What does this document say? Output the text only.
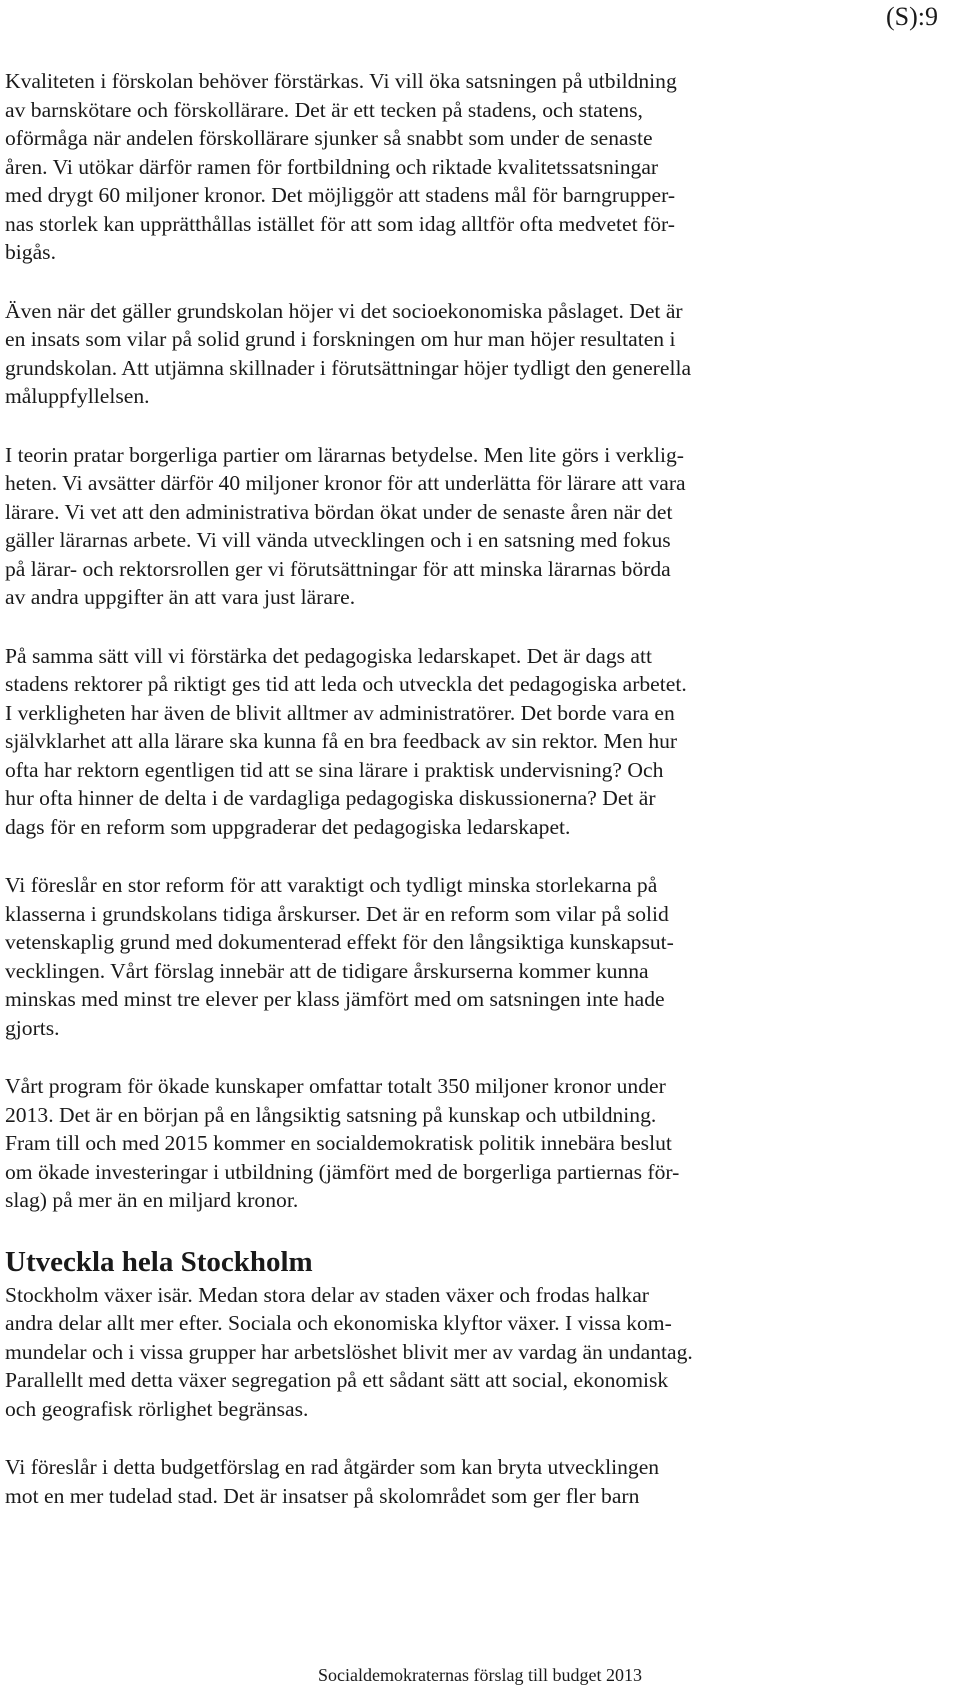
(S):9
Kvaliteten i förskolan behöver förstärkas. Vi vill öka satsningen på utbildning
av barnskötare och förskollärare. Det är ett tecken på stadens, och statens,
oförmåga när andelen förskollärare sjunker så snabbt som under de senaste
åren. Vi utökar därför ramen för fortbildning och riktade kvalitetssatsningar
med drygt 60 miljoner kronor. Det möjliggör att stadens mål för barngrupper-
nas storlek kan upprätthållas istället för att som idag alltför ofta medvetet för-
bigås.
Även när det gäller grundskolan höjer vi det socioekonomiska påslaget. Det är
en insats som vilar på solid grund i forskningen om hur man höjer resultaten i
grundskolan. Att utjämna skillnader i förutsättningar höjer tydligt den generella
måluppfyllelsen.
I teorin pratar borgerliga partier om lärarnas betydelse. Men lite görs i verklig-
heten. Vi avsätter därför 40 miljoner kronor för att underlätta för lärare att vara
lärare. Vi vet att den administrativa bördan ökat under de senaste åren när det
gäller lärarnas arbete. Vi vill vända utvecklingen och i en satsning med fokus
på lärar- och rektorsrollen ger vi förutsättningar för att minska lärarnas börda
av andra uppgifter än att vara just lärare.
På samma sätt vill vi förstärka det pedagogiska ledarskapet. Det är dags att
stadens rektorer på riktigt ges tid att leda och utveckla det pedagogiska arbetet.
I verkligheten har även de blivit alltmer av administratörer. Det borde vara en
självklarhet att alla lärare ska kunna få en bra feedback av sin rektor. Men hur
ofta har rektorn egentligen tid att se sina lärare i praktisk undervisning? Och
hur ofta hinner de delta i de vardagliga pedagogiska diskussionerna? Det är
dags för en reform som uppgraderar det pedagogiska ledarskapet.
Vi föreslår en stor reform för att varaktigt och tydligt minska storlekarna på
klasserna i grundskolans tidiga årskurser. Det är en reform som vilar på solid
vetenskaplig grund med dokumenterad effekt för den långsiktiga kunskapsut-
vecklingen. Vårt förslag innebär att de tidigare årskurserna kommer kunna
minskas med minst tre elever per klass jämfört med om satsningen inte hade
gjorts.
Vårt program för ökade kunskaper omfattar totalt 350 miljoner kronor under
2013. Det är en början på en långsiktig satsning på kunskap och utbildning.
Fram till och med 2015 kommer en socialdemokratisk politik innebära beslut
om ökade investeringar i utbildning (jämfört med de borgerliga partiernas för-
slag) på mer än en miljard kronor.
Utveckla hela Stockholm
Stockholm växer isär. Medan stora delar av staden växer och frodas halkar
andra delar allt mer efter. Sociala och ekonomiska klyftor växer. I vissa kom-
mundelar och i vissa grupper har arbetslöshet blivit mer av vardag än undantag.
Parallellt med detta växer segregation på ett sådant sätt att social, ekonomisk
och geografisk rörlighet begränsas.
Vi föreslår i detta budgetförslag en rad åtgärder som kan bryta utvecklingen
mot en mer tudelad stad. Det är insatser på skolområdet som ger fler barn
Socialdemokraternas förslag till budget 2013
